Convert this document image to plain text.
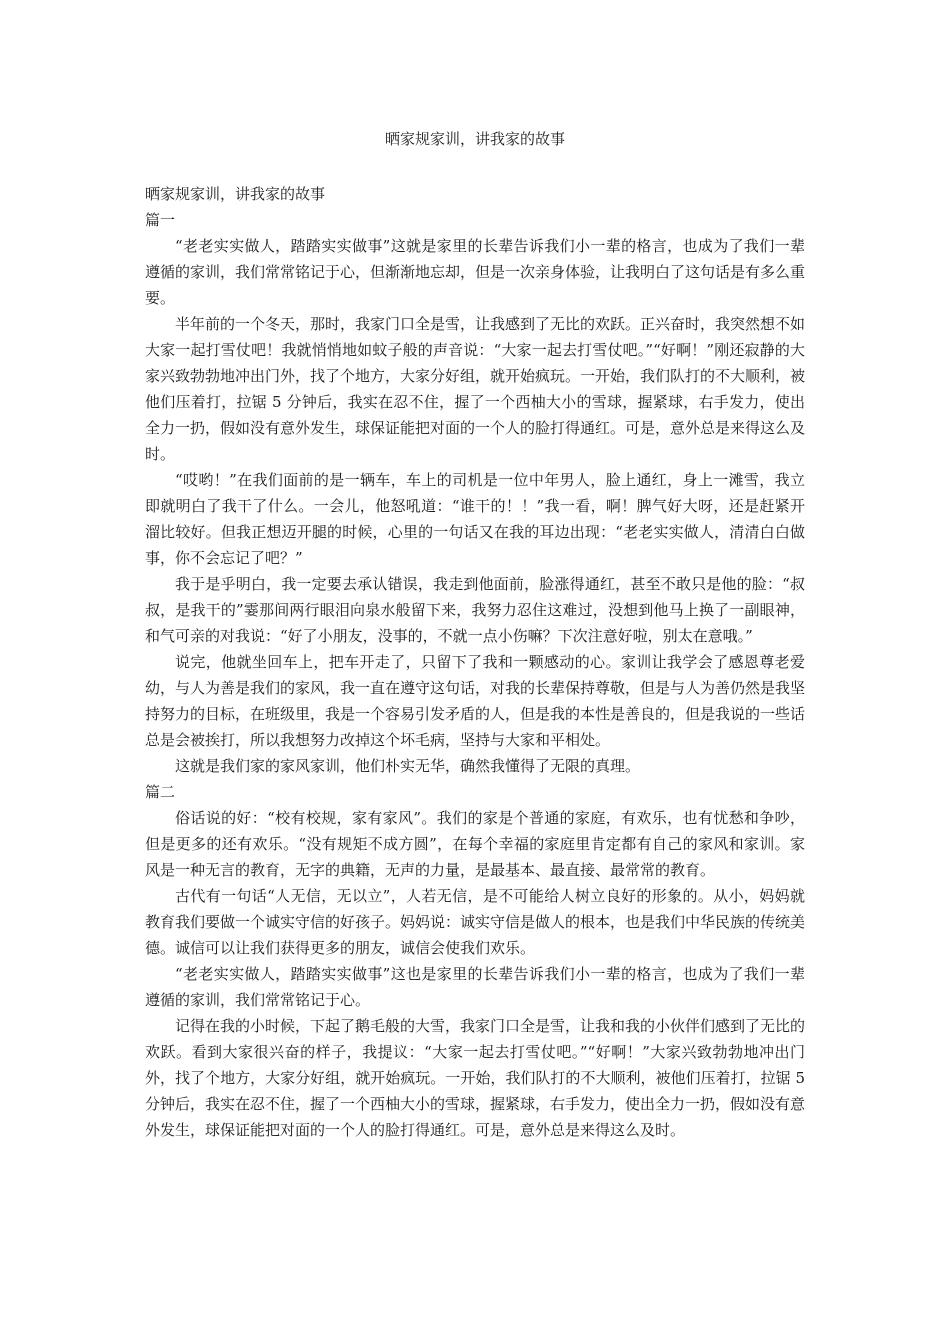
晒家规家训，讲我家的故事

晒家规家训，讲我家的故事

篇一

“老老实实做人，踏踏实实做事”这就是家里的长辈告诉我们小一辈的格言，也成为了我们一辈遵循的家训，我们常常铭记于心，但渐渐地忘却，但是一次亲身体验，让我明白了这句话是有多么重要。

半年前的一个冬天，那时，我家门口全是雪，让我感到了无比的欢跃。正兴奋时，我突然想不如大家一起打雪仗吧！我就悄悄地如蚊子般的声音说：“大家一起去打雪仗吧。”“好啊！”刚还寂静的大家兴致勃勃地冲出门外，找了个地方，大家分好组，就开始疯玩。一开始，我们队打的不大顺利，被他们压着打，拉锯 5 分钟后，我实在忍不住，握了一个西柚大小的雪球，握紧球，右手发力，使出全力一扔，假如没有意外发生，球保证能把对面的一个人的脸打得通红。可是，意外总是来得这么及时。

“哎哟！”在我们面前的是一辆车，车上的司机是一位中年男人，脸上通红，身上一滩雪，我立即就明白了我干了什么。一会儿，他怒吼道：“谁干的！！”我一看，啊！脾气好大呀，还是赶紧开溜比较好。但我正想迈开腿的时候，心里的一句话又在我的耳边出现：“老老实实做人，清清白白做事，你不会忘记了吧？”

我于是乎明白，我一定要去承认错误，我走到他面前，脸涨得通红，甚至不敢只是他的脸：“叔叔，是我干的”霎那间两行眼泪向泉水般留下来，我努力忍住这难过，没想到他马上换了一副眼神，和气可亲的对我说：“好了小朋友，没事的，不就一点小伤嘛？下次注意好啦，别太在意哦。”

说完，他就坐回车上，把车开走了，只留下了我和一颗感动的心。家训让我学会了感恩尊老爱幼，与人为善是我们的家风，我一直在遵守这句话，对我的长辈保持尊敬，但是与人为善仍然是我坚持努力的目标，在班级里，我是一个容易引发矛盾的人，但是我的本性是善良的，但是我说的一些话总是会被挨打，所以我想努力改掉这个坏毛病，坚持与大家和平相处。

这就是我们家的家风家训，他们朴实无华，确然我懂得了无限的真理。

篇二

俗话说的好：“校有校规，家有家风”。我们的家是个普通的家庭，有欢乐，也有忧愁和争吵，但是更多的还有欢乐。“没有规矩不成方圆”，在每个幸福的家庭里肯定都有自己的家风和家训。家风是一种无言的教育，无字的典籍，无声的力量，是最基本、最直接、最常常的教育。

古代有一句话“人无信，无以立”，人若无信，是不可能给人树立良好的形象的。从小，妈妈就教育我们要做一个诚实守信的好孩子。妈妈说：诚实守信是做人的根本，也是我们中华民族的传统美德。诚信可以让我们获得更多的朋友，诚信会使我们欢乐。

“老老实实做人，踏踏实实做事”这也是家里的长辈告诉我们小一辈的格言，也成为了我们一辈遵循的家训，我们常常铭记于心。

记得在我的小时候，下起了鹅毛般的大雪，我家门口全是雪，让我和我的小伙伴们感到了无比的欢跃。看到大家很兴奋的样子，我提议：“大家一起去打雪仗吧。”“好啊！”大家兴致勃勃地冲出门外，找了个地方，大家分好组，就开始疯玩。一开始，我们队打的不大顺利，被他们压着打，拉锯 5 分钟后，我实在忍不住，握了一个西柚大小的雪球，握紧球，右手发力，使出全力一扔，假如没有意外发生，球保证能把对面的一个人的脸打得通红。可是，意外总是来得这么及时。
